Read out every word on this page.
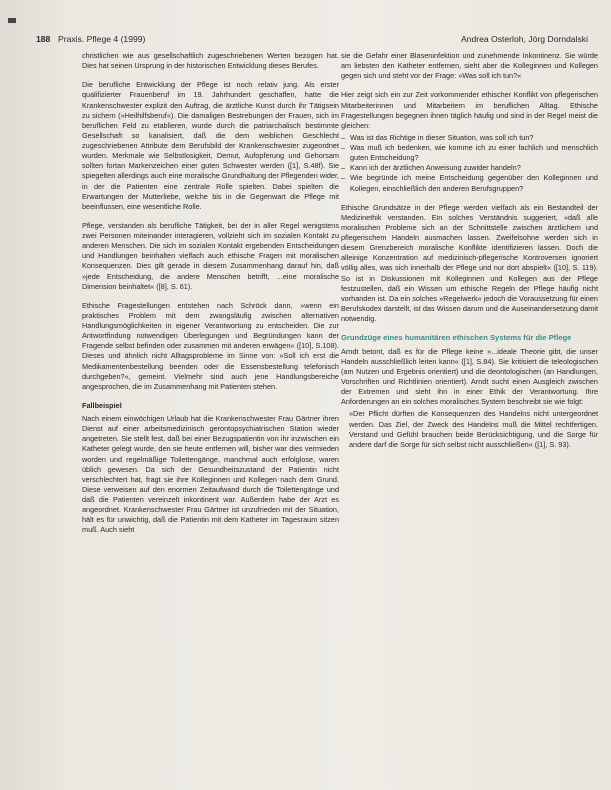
188 Praxis. Pflege 4 (1999)	Andrea Osterloh, Jörg Dorndalski

christlichen wie aus gesellschaftlich zugeschriebenen Werten bezogen hat. Dies hat seinen Ursprung in der historischen Entwicklung dieses Berufes.

Die berufliche Entwicklung der Pflege ist noch relativ jung. Als erster qualifizierter Frauenberuf im 19. Jahrhundert geschaffen, hatte die Krankenschwester explizit den Auftrag, die ärztliche Kunst durch ihr Tätigsein zu sichern (»Heilhilfsberuf«). Die damaligen Bestrebungen der Frauen, sich im beruflichen Feld zu etablieren, wurde durch die patriarchalisch bestimmte Gesellschaft so kanalisiert, daß die dem weiblichen Geschlecht zugeschriebenen Attribute dem Berufsbild der Krankenschwester zugeordnet wurden. Merkmale wie Selbstlosigkeit, Demut, Aufopferung und Gehorsam sollten fortan Markenzeichen einer guten Schwester werden ([1], S.48f). Sie spiegelten allerdings auch eine moralische Grundhaltung der Pflegenden wider, in der die Patienten eine zentrale Rolle spielten. Dabei spielten die Erwartungen der Mutterliebe, welche bis in die Gegenwart die Pflege mit beeinflussen, eine wesentliche Rolle.

Pflege, verstanden als berufliche Tätigkeit, bei der in aller Regel wenigstens zwei Personen miteinander interagieren, vollzieht sich im sozialen Kontakt zu anderen Menschen. Die sich im sozialen Kontakt ergebenden Entscheidungen und Handlungen beinhalten vielfach auch ethische Fragen mit moralischen Konsequenzen. Dies gilt gerade in diesem Zusammenhang darauf hin, daß »jede Entscheidung, die andere Menschen betrifft, ...eine moralische Dimension beinhaltet« ([8], S. 61).

Ethische Fragestellungen entstehen nach Schröck dann, »wenn ein praktisches Problem mit dem zwangsläufig zwischen alternativen Handlungsmöglichkeiten in eigener Verantwortung zu entscheiden. Die zur Antwortfindung notwendigen Überlegungen und Begründungen kann der Fragende selbst befinden oder zusammen mit anderen erwägen« ([10], S.108). Dieses und ähnlich nicht Alltagsprobleme im Sinne von: »Soll ich erst die Medikamentenbestellung beenden oder die Essensbestellung telefonisch durchgeben?«, gemeint. Vielmehr sind auch jene Handlungsbereiche angesprochen, die im Zusammenhang mit Patienten stehen.

Fallbeispiel

Nach einem einwöchigen Urlaub hat die Krankenschwester Frau Gärtner ihren Dienst auf einer arbeitsmedizinisch gerontopsychiatrischen Station wieder angetreten. Sie stellt fest, daß bei einer Bezugspatientin von ihr inzwischen ein Katheter gelegt wurde, den sie heute entfernen will, bisher war dies vermieden worden und regelmäßige Toilettengänge, manchmal auch erfolglose, waren üblich gewesen. Da sich der Gesundheitszustand der Patientin nicht verschlechtert hat, fragt sie ihre Kolleginnen und Kollegen nach dem Grund. Diese verweisen auf den enormen Zeitaufwand durch die Toilettengänge und daß die Patienten vereinzelt inkontinent war. Außerdem habe der Arzt es angeordnet. Krankenschwester Frau Gärtner ist unzufrieden mit der Situation, hält es für unwichtig, daß die Patientin mit dem Katheter im Tagesraum sitzen muß. Auch sieht

sie die Gefahr einer Blaseninfektion und zunehmende Inkontinenz. Sie würde am liebsten den Katheter entfernen, sieht aber die Kolleginnen und Kollegen gegen sich und steht vor der Frage: »Was soll ich tun?«

Hier zeigt sich ein zur Zeit vorkommender ethischer Konflikt von pflegerischen Mitarbeiterinnen und Mitarbeitern im beruflichen Alltag. Ethische Fragestellungen begegnen ihnen täglich häufig und sind in der Regel meist die gleichen:

– Was ist das Richtige in dieser Situation, was soll ich tun?
– Was muß ich bedenken, wie komme ich zu einer fachlich und menschlich guten Entscheidung?
– Kann ich der ärztlichen Anweisung zuwider handeln?
– Wie begründe ich meine Entscheidung gegenüber den Kolleginnen und Kollegen, einschließlich den anderen Berufsgruppen?

Ethische Grundsätze in der Pflege werden vielfach als ein Bestandteil der Medizinethik verstanden. Ein solches Verständnis suggeriert, »daß alle moralischen Probleme sich an der Schnittstelle zwischen ärztlichem und pflegerischem Handeln ausmachen lassen. Zweifelsohne werden sich in diesem Grenzbereich moralische Konflikte identifizieren lassen. Doch die alleinige Konzentration auf medizinisch-pflegerische Kontroversen ignoriert völlig alles, was sich innerhalb der Pflege und nur dort abspielt« ([10], S. 119). So ist in Diskussionen mit Kolleginnen und Kollegen aus der Pflege festzustellen, daß ein Wissen um ethische Regeln der Pflege häufig nicht vorhanden ist. Da ein solches »Regelwerk« jedoch die Voraussetzung für einen Berufskodex darstellt, ist das Wissen darum und die Auseinandersetzung damit notwendig.

Grundzüge eines humanitären ethischen Systems für die Pflege

Arndt betont, daß es für die Pflege keine »...ideale Theorie gibt, die unser Handeln ausschließlich leiten kann« ([1], S.84). Sie kritisiert die teleologischen (am Nutzen und Ergebnis orientiert) und die deontologischen (an Handlungen, Vorschriften und Richtlinien orientiert). Arndt sucht einen Ausgleich zwischen der Extremen und sieht ihn in einer Ethik der Verantwortung. Ihre Anforderungen an ein solches moralisches System beschreibt sie wie folgt:

»Der Pflicht dürften die Konsequenzen des Handelns nicht untergeordnet werden. Das Ziel, der Zweck des Handelns muß die Mittel rechtfertigen. Verstand und Gefühl brauchen beide Berücksichtigung, und die Sorge für andere darf die Sorge für sich selbst nicht ausschließen« ([1], S. 93).
